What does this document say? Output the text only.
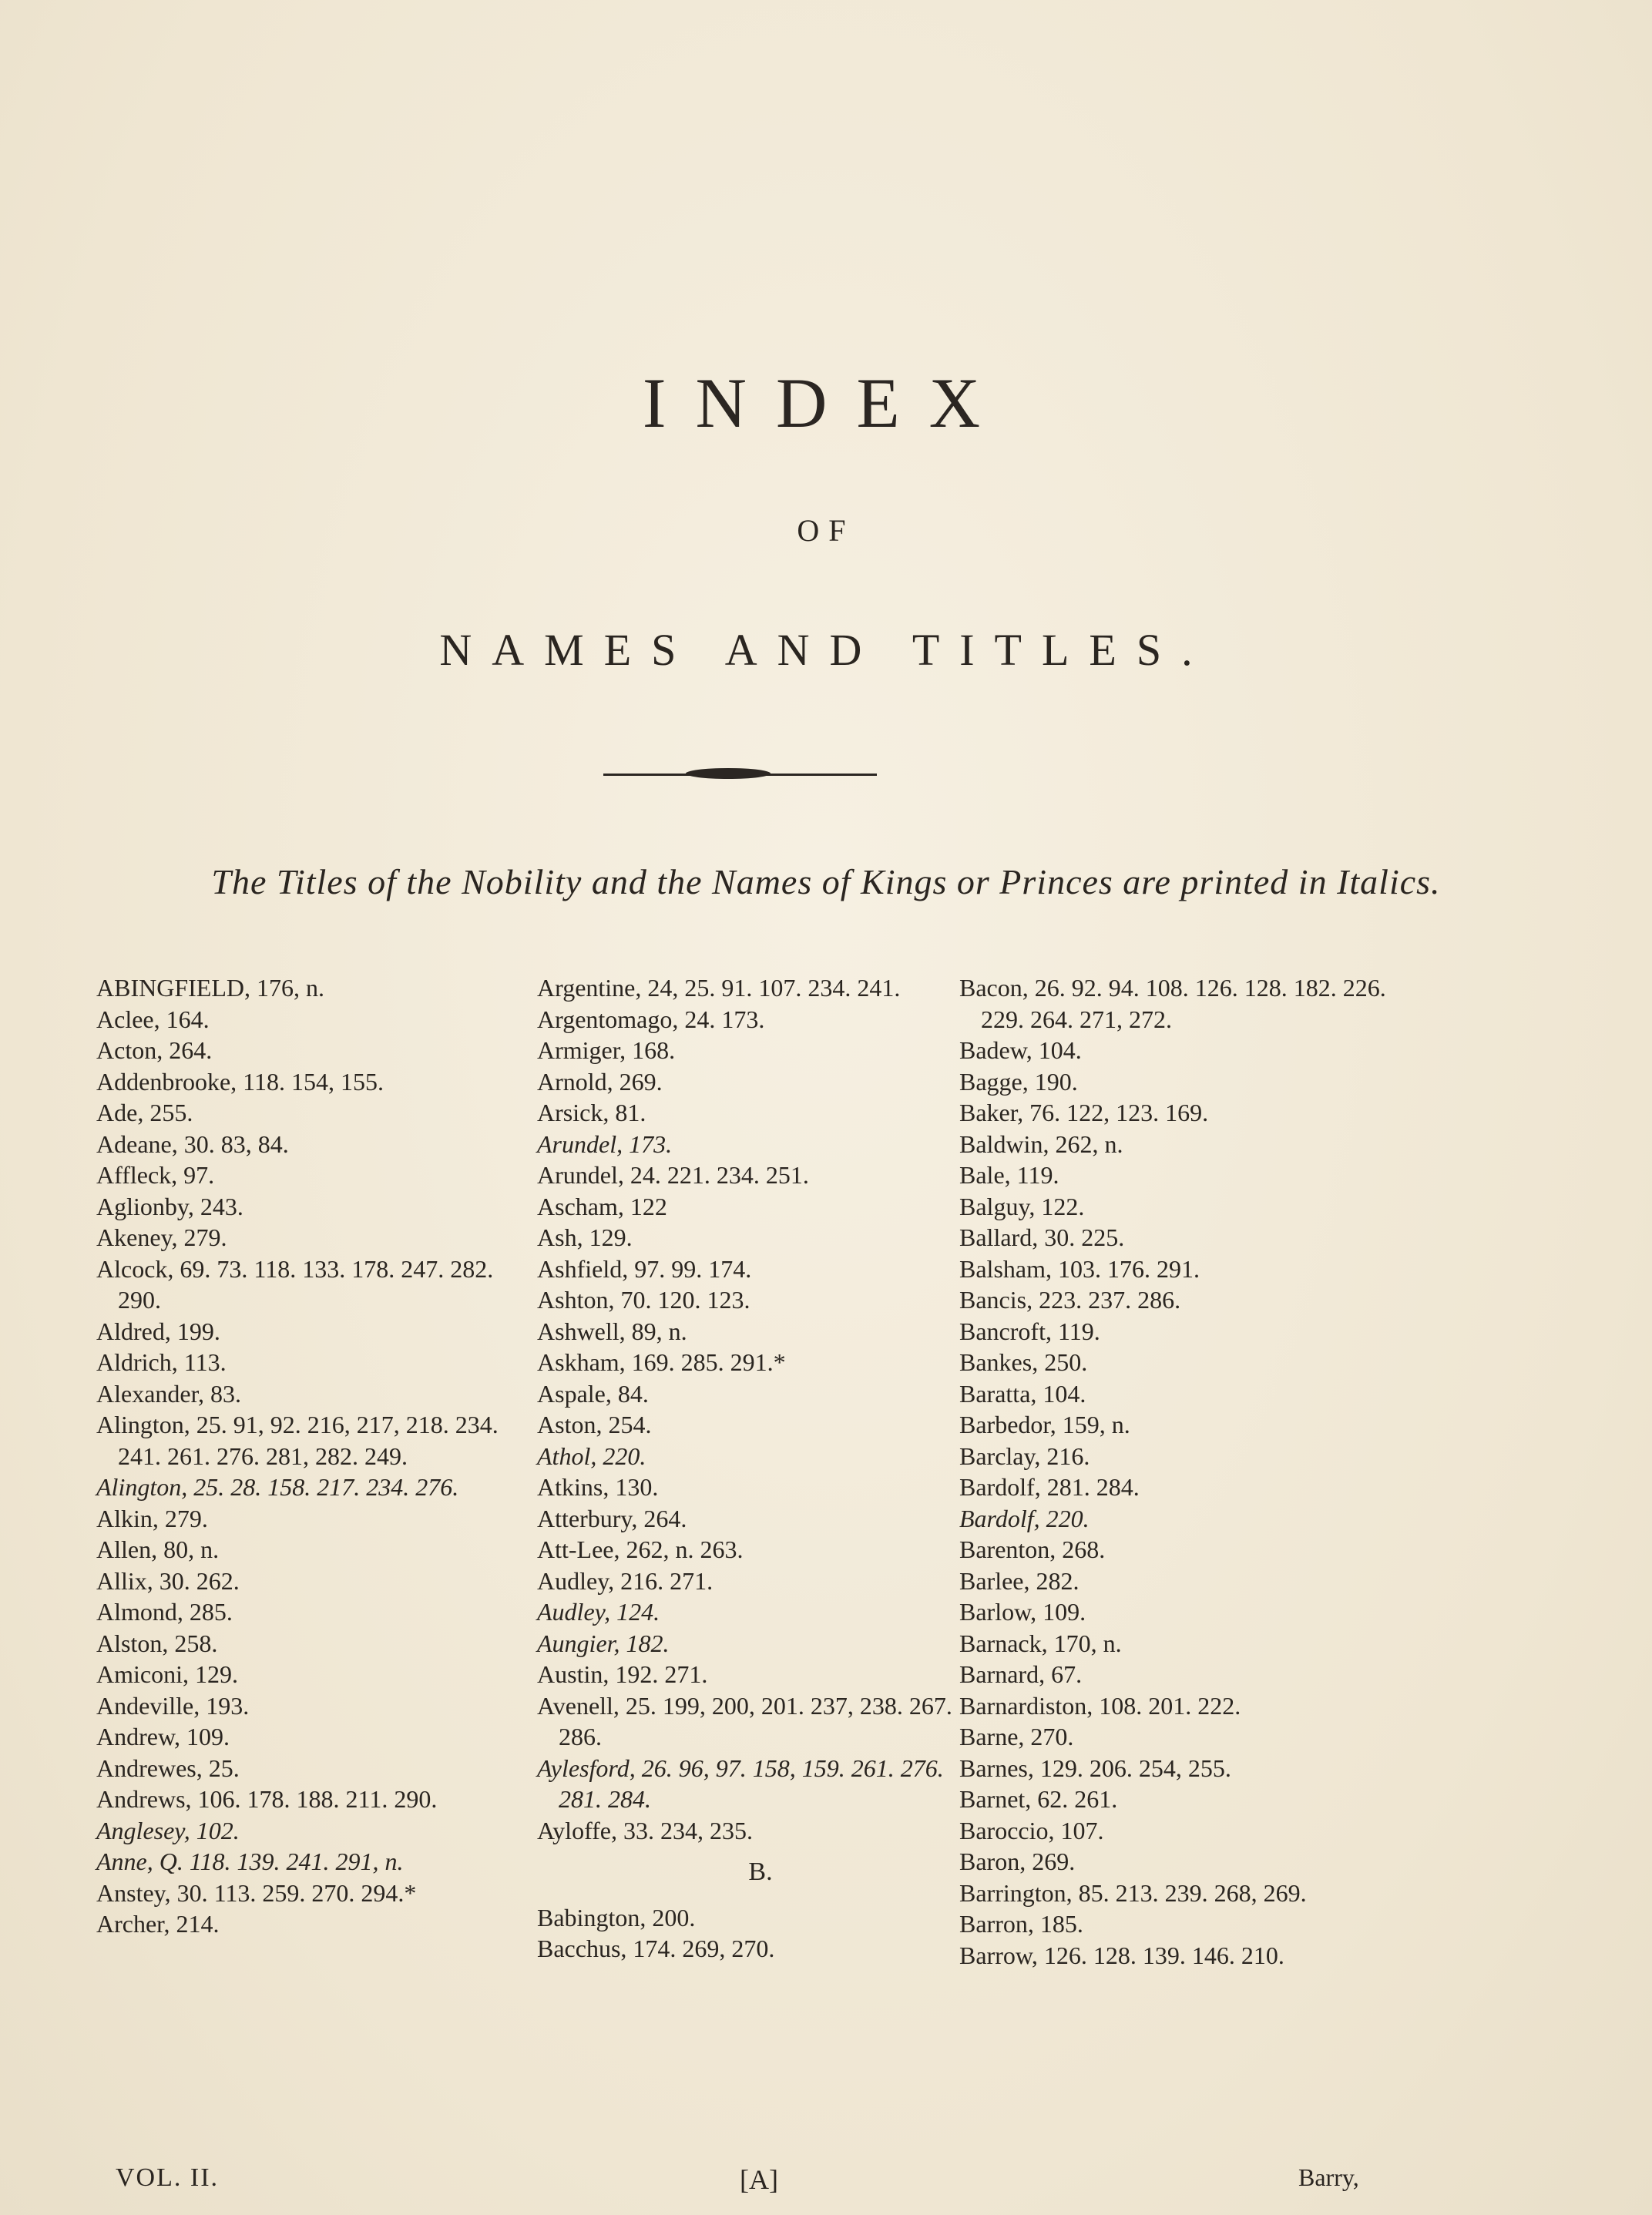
INDEX
OF
NAMES AND TITLES.
The Titles of the Nobility and the Names of Kings or Princes are printed in Italics.
ABINGFIELD, 176, n.
Aclee, 164.
Acton, 264.
Addenbrooke, 118. 154, 155.
Ade, 255.
Adeane, 30. 83, 84.
Affleck, 97.
Aglionby, 243.
Akeney, 279.
Alcock, 69. 73. 118. 133. 178. 247. 282. 290.
Aldred, 199.
Aldrich, 113.
Alexander, 83.
Alington, 25. 91, 92. 216, 217, 218. 234. 241. 261. 276. 281, 282. 249.
Alington, 25. 28. 158. 217. 234. 276.
Alkin, 279.
Allen, 80, n.
Allix, 30. 262.
Almond, 285.
Alston, 258.
Amiconi, 129.
Andeville, 193.
Andrew, 109.
Andrewes, 25.
Andrews, 106. 178. 188. 211. 290.
Anglesey, 102.
Anne, Q. 118. 139. 241. 291, n.
Anstey, 30. 113. 259. 270. 294.*
Archer, 214.
Argentine, 24, 25. 91. 107. 234. 241.
Argentomago, 24. 173.
Armiger, 168.
Arnold, 269.
Arsick, 81.
Arundel, 173.
Arundel, 24. 221. 234. 251.
Ascham, 122
Ash, 129.
Ashfield, 97. 99. 174.
Ashton, 70. 120. 123.
Ashwell, 89, n.
Askham, 169. 285. 291.*
Aspale, 84.
Aston, 254.
Athol, 220.
Atkins, 130.
Atterbury, 264.
Att-Lee, 262, n. 263.
Audley, 216. 271.
Audley, 124.
Aungier, 182.
Austin, 192. 271.
Avenell, 25. 199, 200, 201. 237, 238. 267. 286.
Aylesford, 26. 96, 97. 158, 159. 261. 276. 281. 284.
Ayloffe, 33. 234, 235.
B.
Babington, 200.
Bacchus, 174. 269, 270.
Bacon, 26. 92. 94. 108. 126. 128. 182. 226. 229. 264. 271, 272.
Badew, 104.
Bagge, 190.
Baker, 76. 122, 123. 169.
Baldwin, 262, n.
Bale, 119.
Balguy, 122.
Ballard, 30. 225.
Balsham, 103. 176. 291.
Bancis, 223. 237. 286.
Bancroft, 119.
Bankes, 250.
Baratta, 104.
Barbedor, 159, n.
Barclay, 216.
Bardolf, 281. 284.
Bardolf, 220.
Barenton, 268.
Barlee, 282.
Barlow, 109.
Barnack, 170, n.
Barnard, 67.
Barnardiston, 108. 201. 222.
Barne, 270.
Barnes, 129. 206. 254, 255.
Barnet, 62. 261.
Baroccio, 107.
Baron, 269.
Barrington, 85. 213. 239. 268, 269.
Barron, 185.
Barrow, 126. 128. 139. 146. 210.
VOL. II.	[A]	Barry,
